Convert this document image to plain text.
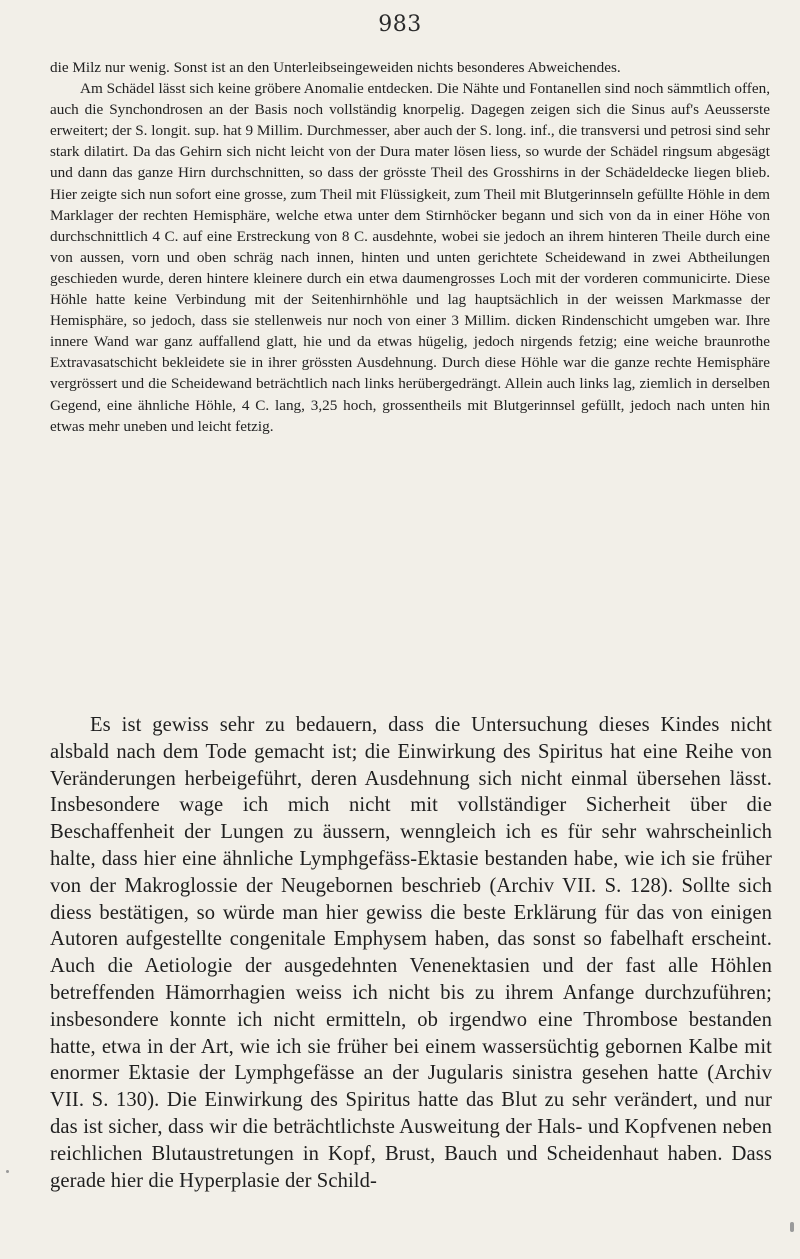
983

die Milz nur wenig. Sonst ist an den Unterleibseingeweiden nichts besonderes Abweichendes.

Am Schädel lässt sich keine gröbere Anomalie entdecken. Die Nähte und Fontanellen sind noch sämmtlich offen, auch die Synchondrosen an der Basis noch vollständig knorpelig. Dagegen zeigen sich die Sinus auf's Aeusserste erweitert; der S. longit. sup. hat 9 Millim. Durchmesser, aber auch der S. long. inf., die transversi und petrosi sind sehr stark dilatirt. Da das Gehirn sich nicht leicht von der Dura mater lösen liess, so wurde der Schädel ringsum abgesägt und dann das ganze Hirn durchschnitten, so dass der grösste Theil des Grosshirns in der Schädeldecke liegen blieb. Hier zeigte sich nun sofort eine grosse, zum Theil mit Flüssigkeit, zum Theil mit Blutgerinnseln gefüllte Höhle in dem Marklager der rechten Hemisphäre, welche etwa unter dem Stirnhöcker begann und sich von da in einer Höhe von durchschnittlich 4 C. auf eine Erstreckung von 8 C. ausdehnte, wobei sie jedoch an ihrem hinteren Theile durch eine von aussen, vorn und oben schräg nach innen, hinten und unten gerichtete Scheidewand in zwei Abtheilungen geschieden wurde, deren hintere kleinere durch ein etwa daumengrosses Loch mit der vorderen communicirte. Diese Höhle hatte keine Verbindung mit der Seitenhirnhöhle und lag hauptsächlich in der weissen Markmasse der Hemisphäre, so jedoch, dass sie stellenweis nur noch von einer 3 Millim. dicken Rindenschicht umgeben war. Ihre innere Wand war ganz auffallend glatt, hie und da etwas hügelig, jedoch nirgends fetzig; eine weiche braunrothe Extravasatschicht bekleidete sie in ihrer grössten Ausdehnung. Durch diese Höhle war die ganze rechte Hemisphäre vergrössert und die Scheidewand beträchtlich nach links herübergedrängt. Allein auch links lag, ziemlich in derselben Gegend, eine ähnliche Höhle, 4 C. lang, 3,25 hoch, grossentheils mit Blutgerinnsel gefüllt, jedoch nach unten hin etwas mehr uneben und leicht fetzig.

Es ist gewiss sehr zu bedauern, dass die Untersuchung dieses Kindes nicht alsbald nach dem Tode gemacht ist; die Einwirkung des Spiritus hat eine Reihe von Veränderungen herbeigeführt, deren Ausdehnung sich nicht einmal übersehen lässt. Insbesondere wage ich mich nicht mit vollständiger Sicherheit über die Beschaffenheit der Lungen zu äussern, wenngleich ich es für sehr wahrscheinlich halte, dass hier eine ähnliche Lymphgefäss-Ektasie bestanden habe, wie ich sie früher von der Makroglossie der Neugebornen beschrieb (Archiv VII. S. 128). Sollte sich diess bestätigen, so würde man hier gewiss die beste Erklärung für das von einigen Autoren aufgestellte congenitale Emphysem haben, das sonst so fabelhaft erscheint. Auch die Aetiologie der ausgedehnten Venenektasien und der fast alle Höhlen betreffenden Hämorrhagien weiss ich nicht bis zu ihrem Anfange durchzuführen; insbesondere konnte ich nicht ermitteln, ob irgendwo eine Thrombose bestanden hatte, etwa in der Art, wie ich sie früher bei einem wassersüchtig gebornen Kalbe mit enormer Ektasie der Lymphgefässe an der Jugularis sinistra gesehen hatte (Archiv VII. S. 130). Die Einwirkung des Spiritus hatte das Blut zu sehr verändert, und nur das ist sicher, dass wir die beträchtlichste Ausweitung der Hals- und Kopfvenen neben reichlichen Blutaustretungen in Kopf, Brust, Bauch und Scheidenhaut haben. Dass gerade hier die Hyperplasie der Schild-
